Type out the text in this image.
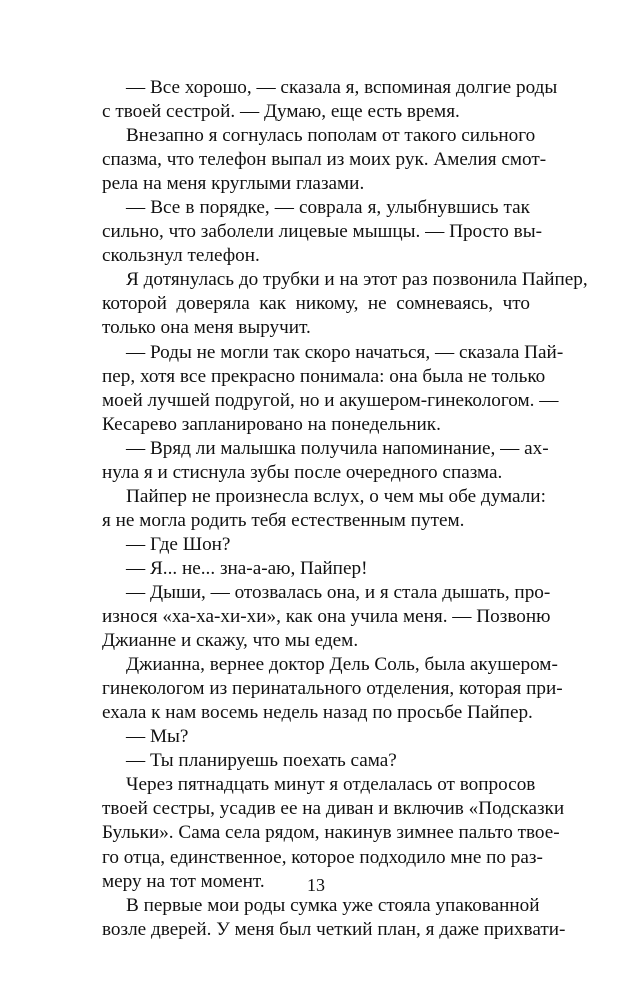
— Все хорошо, — сказала я, вспоминая долгие роды
с твоей сестрой. — Думаю, еще есть время.
Внезапно я согнулась пополам от такого сильного
спазма, что телефон выпал из моих рук. Амелия смот-
рела на меня круглыми глазами.
— Все в порядке, — соврала я, улыбнувшись так
сильно, что заболели лицевые мышцы. — Просто вы-
скользнул телефон.
Я дотянулась до трубки и на этот раз позвонила Пайпер,
которой доверяла как никому, не сомневаясь, что
только она меня выручит.
— Роды не могли так скоро начаться, — сказала Пай-
пер, хотя все прекрасно понимала: она была не только
моей лучшей подругой, но и акушером-гинекологом. —
Кесарево запланировано на понедельник.
— Вряд ли малышка получила напоминание, — ах-
нула я и стиснула зубы после очередного спазма.
Пайпер не произнесла вслух, о чем мы обе думали:
я не могла родить тебя естественным путем.
— Где Шон?
— Я... не... зна-а-аю, Пайпер!
— Дыши, — отозвалась она, и я стала дышать, про-
износя «ха-ха-хи-хи», как она учила меня. — Позвоню
Джианне и скажу, что мы едем.
Джианна, вернее доктор Дель Соль, была акушером-
гинекологом из перинатального отделения, которая при-
ехала к нам восемь недель назад по просьбе Пайпер.
— Мы?
— Ты планируешь поехать сама?
Через пятнадцать минут я отделалась от вопросов
твоей сестры, усадив ее на диван и включив «Подсказки
Бульки». Сама села рядом, накинув зимнее пальто твое-
го отца, единственное, которое подходило мне по раз-
меру на тот момент.
В первые мои роды сумка уже стояла упакованной
возле дверей. У меня был четкий план, я даже прихвати-
13
